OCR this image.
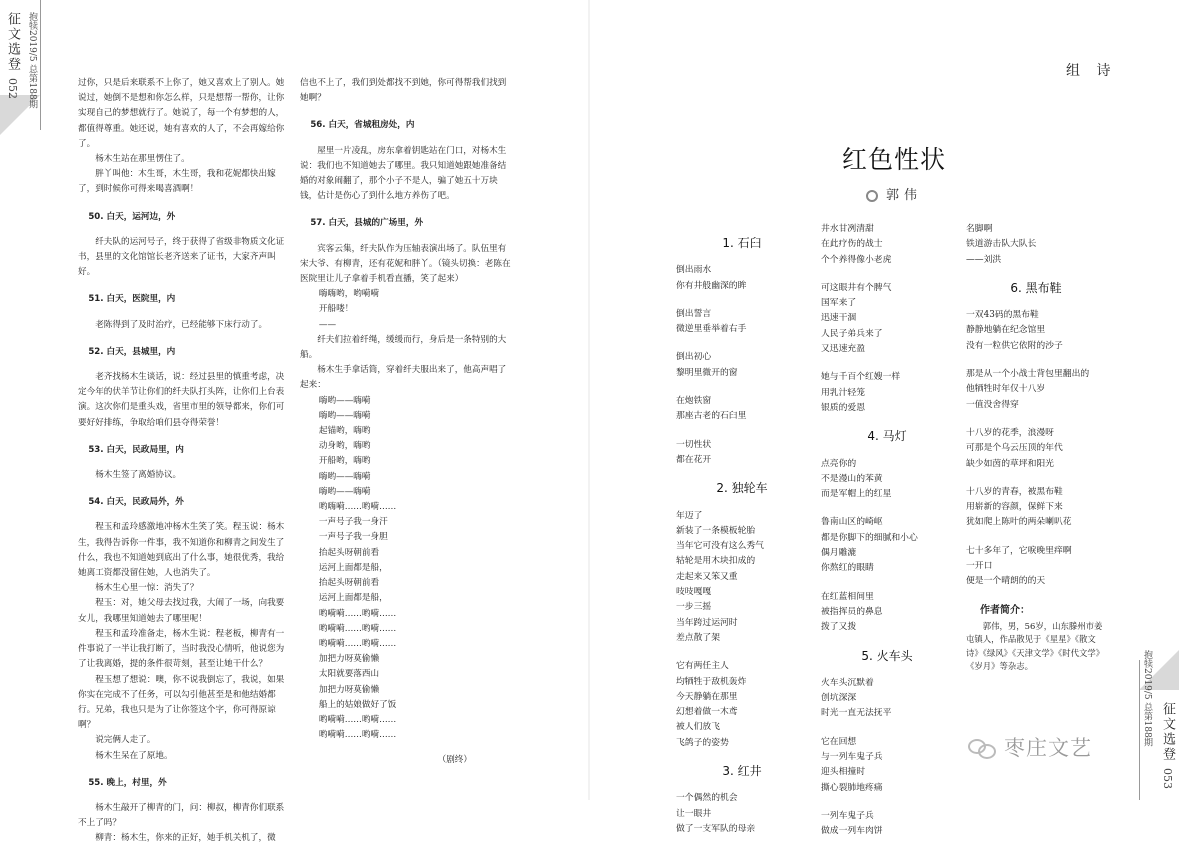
征文选登 抱犊2019/5 总第188期
052	过你，只是后来联系不上你了，她又喜欢上了别人。她说过，她倒不是想和你怎么样，只是想帮一帮你，让你实现自己的梦想就行了。她说了，每一个有梦想的人，都值得尊重。她还说，她有喜欢的人了，不会再嫁给你了。

杨木生站在那里愣住了。

胖丫叫他：木生哥，木生哥，我和花妮都快出嫁了，到时候你可得来喝喜酒啊！

50. 白天，运河边，外

纤夫队的运河号子，终于获得了省级非物质文化证书，县里的文化馆馆长老齐送来了证书，大家齐声叫好。

51. 白天，医院里，内

老陈得到了及时治疗，已经能够下床行动了。

52. 白天，县城里，内

老齐找杨木生谈话，说：经过县里的慎重考虑，决定今年的伏羊节让你们的纤夫队打头阵，让你们上台表演。这次你们是重头戏，省里市里的领导都来，你们可要好好排练，争取给咱们县夺得荣誉！

53. 白天，民政局里，内

杨木生签了离婚协议。

54. 白天，民政局外，外

程玉和孟玲感激地冲杨木生笑了笑。程玉说：杨木生，我得告诉你一件事，我不知道你和柳青之间发生了什么，我也不知道她到底出了什么事，她很优秀，我给她离工资都没留住她，人也消失了。

杨木生心里一惊：消失了？

程玉：对，她父母去找过我，大闹了一场，向我要女儿，我哪里知道她去了哪里呢！

程玉和孟玲准备走，杨木生说：程老板，柳青有一件事说了一半让我打断了，当时我没心情听，他说您为了让我离婚，提的条件很苛刻，甚至让她干什么？

程玉想了想说：噢，你不说我倒忘了，我说，如果你实在完成不了任务，可以勾引他甚至是和他结婚都行。兄弟，我也只是为了让你签这个字，你可得原谅啊？

说完俩人走了。

杨木生呆在了原地。

55. 晚上，村里，外

杨木生敲开了柳青的门，问：柳叔，柳青你们联系不上了吗？

柳青：杨木生，你来的正好，她手机关机了，微

信也不上了，我们到处都找不到她，你可得帮我们找到她啊？

56. 白天，省城租房处，内

屋里一片凌乱，房东拿着钥匙站在门口，对杨木生说：我们也不知道她去了哪里。我只知道她跟她准备结婚的对象闹翻了，那个小子不是人，骗了她五十万块钱，估计是伤心了到什么地方养伤了吧。

57. 白天，县城的广场里，外

宾客云集，纤夫队作为压轴表演出场了。队伍里有宋大爷、有柳青，还有花妮和胖丫。（镜头切换：老陈在医院里让儿子拿着手机看直播，笑了起来）

嗨嗨哟，哟嗬嗬
开船喽！
——

纤夫们拉着纤绳，缓缓而行，身后是一条特别的大船。

杨木生手拿话筒，穿着纤夫服出来了，他高声唱了起来：

嗨哟——嗨嗬
嗨哟——嗨嗬
起锚哟，嗨哟
动身哟，嗨哟
开船哟，嗨哟
嗨哟——嗨嗬
嗨哟——嗨嗬
哟嗨嗬……哟嗬……
一声号子我一身汗
一声号子我一身胆
抬起头呀朝前看
运河上面都是船，
抬起头呀朝前看
运河上面都是船，
哟嗬嗬……哟嗬……
哟嗬嗬……哟嗬……
哟嗬嗬……哟嗬……
加把力呀莫偷懒
太阳就要落西山
加把力呀莫偷懒
船上的姑娘做好了饭
哟嗬嗬……哟嗬……
哟嗬嗬……哟嗬……
（剧终）
抱犊2019/5 总第188期 征文选登
053
组 诗
红色性状
郭伟
1. 石臼
倒出雨水
你有井般幽深的眸
倒出誓言
微逆里垂举着右手
倒出初心
黎明里微开的窗
在炮铁窗
那座古老的石臼里
一切性状
都在花开
2. 独轮车
年迈了
新装了一条模板轮胎
当年它可没有这么秀气
轱轮是用木块扣成的
走起来又笨又重
吱吱嘎嘎
一步三摇
当年跨过运河时
差点散了架
它有两任主人
均牺牲于敌机轰炸
今天静躺在那里
幻想着做一木鸢
被人们放飞
飞鸽子的姿势
3. 红井
一个偶然的机会
让一眼井
做了一支军队的母亲
井水甘冽清甜
在此疗伤的战士
个个养得像小老虎
可这眼井有个脾气
国军来了
迅速干涸
人民子弟兵来了
又迅速充盈
她与千百个红嫂一样
用乳汁轻笼
银质的爱恩
4. 马灯
点亮你的
不是漫山的苯黄
而是军帽上的红星
鲁南山区的崎岖
都是你脚下的细腻和小心
偶月雕漉
你熬红的眼睛
在红蓝相间里
被指挥员的鼻息
拨了又拨
5. 火车头
火车头沉默着
创坑深深
时光一直无法抚平
它在回想
与一列车鬼子兵
迎头相撞时
撕心裂肺地疼痛
一列车鬼子兵
做成一列车肉饼
名脚啊
铁道游击队大队长
——刘洪
6. 黑布鞋
一双43码的黑布鞋
静静地躺在纪念馆里
没有一粒供它依附的沙子
那是从一个小战士背包里翻出的
他牺牲时年仅十八岁
一值没舍得穿
十八岁的花季，浪漫呀
可那是个乌云压顶的年代
缺少如茵的草坪和阳光
十八岁的青春，被黑布鞋
用崭新的容颜，保鲜下来
犹如爬上陈叶的两朵喇叭花
七十多年了，它唳晚里痒啊
一开口
便是一个晴朗的的天
作者简介：
郭伟，男，56岁，山东滕州市姜屯镇人，作品散见于《星星》《散文诗》《绿风》《天津文学》《时代文学》《岁月》等杂志。
枣庄文艺
